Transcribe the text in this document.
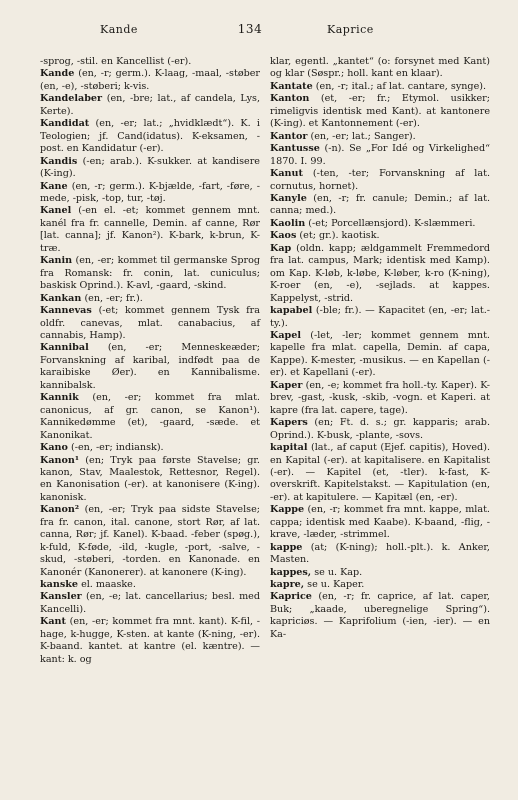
Kande	134	Kaprice

-sprog, -stil. en Kancellist (-er).

Kande (en, -r; germ.). K-laag, -maal, -støber (en, -e), -støberi; k-vis.

Kandelaber (en, -bre; lat., af candela, Lys, Kerte).

Kandidat (en, -er; lat.; „hvidklædt“). K. i Teologien; jf. Cand(idatus). K-eksamen, -post. en Kandidatur (-er).

Kandis (-en; arab.). K-sukker. at kandisere (K-ing).

Kane (en, -r; germ.). K-bjælde, -fart, -føre, -mede, -pisk, -top, tur, -tøj.

Kanel (-en el. -et; kommet gennem mnt. kanél fra fr. cannelle, Demin. af canne, Rør [lat. canna]; jf. Kanon²). K-bark, k-brun, K-træ.

Kanin (en, -er; kommet til germanske Sprog fra Romansk: fr. conin, lat. cuniculus; baskisk Oprind.). K-avl, -gaard, -skind.

Kankan (en, -er; fr.).

Kannevas (-et; kommet gennem Tysk fra oldfr. canevas, mlat. canabacius, af cannabis, Hamp).

Kannibal (en, -er; Menneskeæder; Forvanskning af karibal, indfødt paa de karaibiske Øer). en Kannibalisme. kannibalsk.

Kannik (en, -er; kommet fra mlat. canonicus, af gr. canon, se Kanon¹). Kannikedømme (et), -gaard, -sæde. et Kanonikat.

Kano (-en, -er; indiansk).

Kanon¹ (en; Tryk paa første Stavelse; gr. kanon, Stav, Maalestok, Rettesnor, Regel). en Kanonisation (-er). at kanonisere (K-ing). kanonisk.

Kanon² (en, -er; Tryk paa sidste Stavelse; fra fr. canon, ital. canone, stort Rør, af lat. canna, Rør; jf. Kanel). K-baad. -feber (spøg.), k-fuld, K-føde, -ild, -kugle, -port, -salve, -skud, -støberi, -torden. en Kanonade. en Kanonér (Kanonerer). at kanonere (K-ing).

kanske el. maaske.

Kansler (en, -e; lat. cancellarius; besl. med Kancelli).

Kant (en, -er; kommet fra mnt. kant). K-fil, -hage, k-hugge, K-sten. at kante (K-ning, -er). K-baand. kantet. at kantre (el. kæntre). — kant: k. og

klar, egentl. „kantet“ (o: forsynet med Kant) og klar (Søspr.; holl. kant en klaar).

Kantate (en, -r; ital.; af lat. cantare, synge).

Kanton (et, -er; fr.; Etymol. usikker; rimeligvis identisk med Kant). at kantonere (K-ing). et Kantonnement (-er).

Kantor (en, -er; lat.; Sanger).

Kantusse (-n). Se „For Idé og Virkelighed“ 1870. I. 99.

Kanut (-ten, -ter; Forvanskning af lat. cornutus, hornet).

Kanyle (en, -r; fr. canule; Demin.; af lat. canna; med.).

Kaolin (-et; Porcellænsjord). K-slæmmeri.

Kaos (et; gr.). kaotisk.

Kap (oldn. kapp; ældgammelt Fremmedord fra lat. campus, Mark; identisk med Kamp). om Kap. K-løb, k-løbe, K-løber, k-ro (K-ning), K-roer (en, -e), -sejlads. at kappes. Kappelyst, -strid.

kapabel (-ble; fr.). — Kapacitet (en, -er; lat.-ty.).

Kapel (-let, -ler; kommet gennem mnt. kapelle fra mlat. capella, Demin. af capa, Kappe). K-mester, -musikus. — en Kapellan (-er). et Kapellani (-er).

Kaper (en, -e; kommet fra holl.-ty. Kaper). K-brev, -gast, -kusk, -skib, -vogn. et Kaperi. at kapre (fra lat. capere, tage).

Kapers (en; Ft. d. s.; gr. kapparis; arab. Oprind.). K-busk, -plante, -sovs.

kapital (lat., af caput (Ejef. capitis), Hoved). en Kapital (-er). at kapitalisere. en Kapitalist (-er). — Kapitel (et, -tler). k-fast, K-overskrift. Kapitelstakst. — Kapitulation (en, -er). at kapitulere. — Kapitæl (en, -er).

Kappe (en, -r; kommet fra mnt. kappe, mlat. cappa; identisk med Kaabe). K-baand, -flig, -krave, -læder, -strimmel.

kappe (at; (K-ning); holl.-plt.). k. Anker, Masten.

kappes, se u. Kap.

kapre, se u. Kaper.

Kaprice (en, -r; fr. caprice, af lat. caper, Buk; „kaade, uberegnelige Spring“). kapriciøs. — Kaprifolium (-ien, -ier). — en Ka-
